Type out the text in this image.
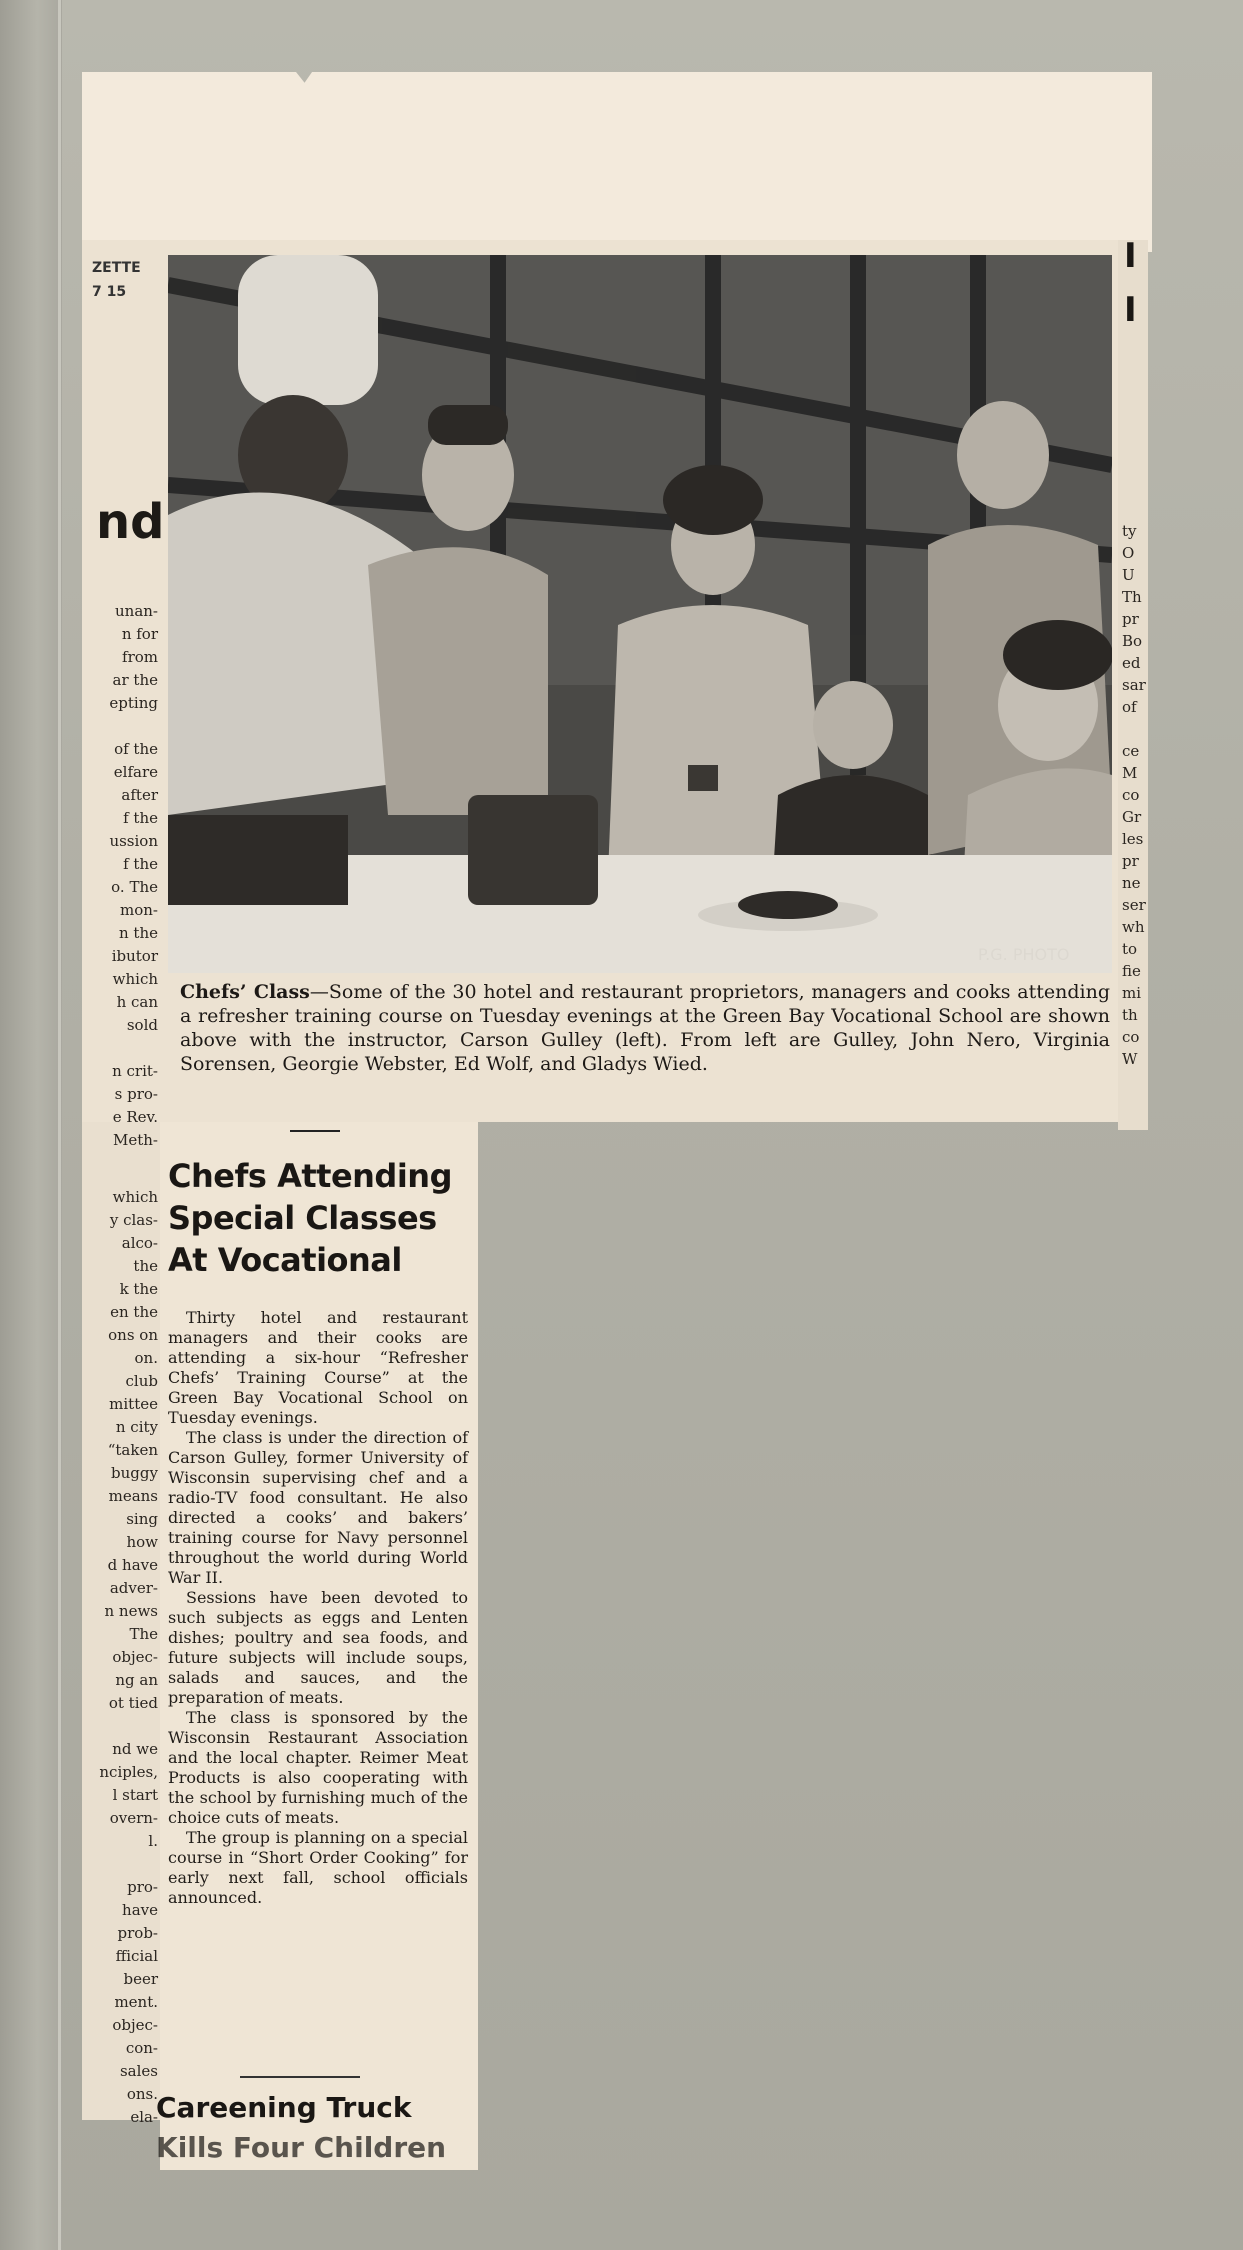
ZETTE
7 15
nd
unan-
n for
from
ar the
epting

of the
elfare
after
f the
ussion
f the
o. The
mon-
n the
ibutor
which
h can
sold

n crit-
s pro-
e Rev.
Meth-
which
y clas-
alco-
the
k the
en the
ons on
on.
club
mittee
n city
“taken
buggy
means
sing
how
d have
adver-
n news
The
objec-
ng an
ot tied

nd we
nciples,
l start
overn-
l.

pro-
have
prob-
fficial
beer
ment.
objec-
con-
sales
ons.
ela-
I
I
ty
O
U
Th
pr
Bo
ed
sar
of

ce
M
co
Gr
les
pr
ne
ser
wh
to
fie
mi
th
co
W
P.G. PHOTO
Chefs’ Class—Some of the 30 hotel and restaurant proprietors, managers and cooks attending a refresher training course on Tuesday evenings at the Green Bay Vocational School are shown above with the instructor, Carson Gulley (left). From left are Gulley, John Nero, Virginia Sorensen, Georgie Webster, Ed Wolf, and Gladys Wied.
Chefs Attending
Special Classes
At Vocational

Thirty hotel and restaurant managers and their cooks are attending a six-hour “Refresher Chefs’ Training Course” at the Green Bay Vocational School on Tuesday evenings.

The class is under the direction of Carson Gulley, former University of Wisconsin supervising chef and a radio-TV food consultant. He also directed a cooks’ and bakers’ training course for Navy personnel throughout the world during World War II.

Sessions have been devoted to such subjects as eggs and Lenten dishes; poultry and sea foods, and future subjects will include soups, salads and sauces, and the preparation of meats.

The class is sponsored by the Wisconsin Restaurant Association and the local chapter. Reimer Meat Products is also cooperating with the school by furnishing much of the choice cuts of meats.

The group is planning on a special course in “Short Order Cooking” for early next fall, school officials announced.

Careening Truck
Kills Four Children
